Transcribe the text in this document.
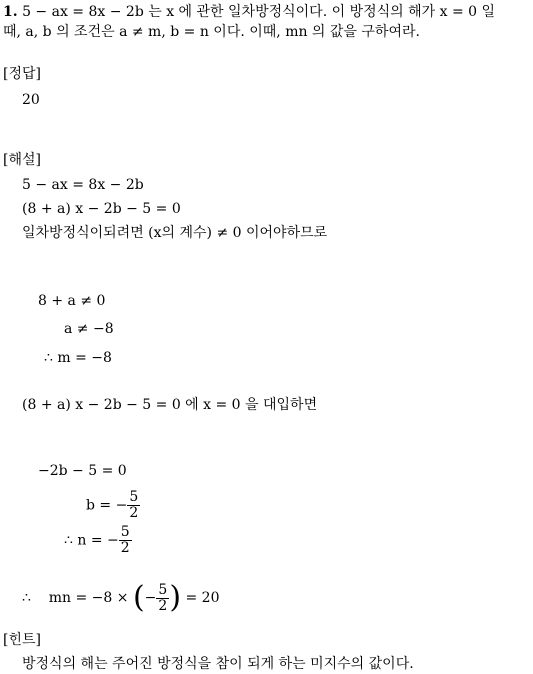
1. 5 − ax = 8x − 2b 는 x 에 관한 일차방정식이다. 이 방정식의 해가 x = 0 일
때, a, b 의 조건은 a ≠ m, b = n 이다. 이때, mn 의 값을 구하여라.
[정답]
20
[해설]
5 − ax = 8x − 2b
(8 + a) x − 2b − 5 = 0
일차방정식이되려면 (x의 계수) ≠ 0 이어야하므로
8 + a ≠ 0
a ≠ −8
∴ m = −8
(8 + a) x − 2b − 5 = 0 에 x = 0 을 대입하면
−2b − 5 = 0
b = − $\frac{5}{2}$
∴ n = − $\frac{5}{2}$
∴ mn = −8 × (− $\frac{5}{2}$ ) = 20
[힌트]
방정식의 해는 주어진 방정식을 참이 되게 하는 미지수의 값이다.
